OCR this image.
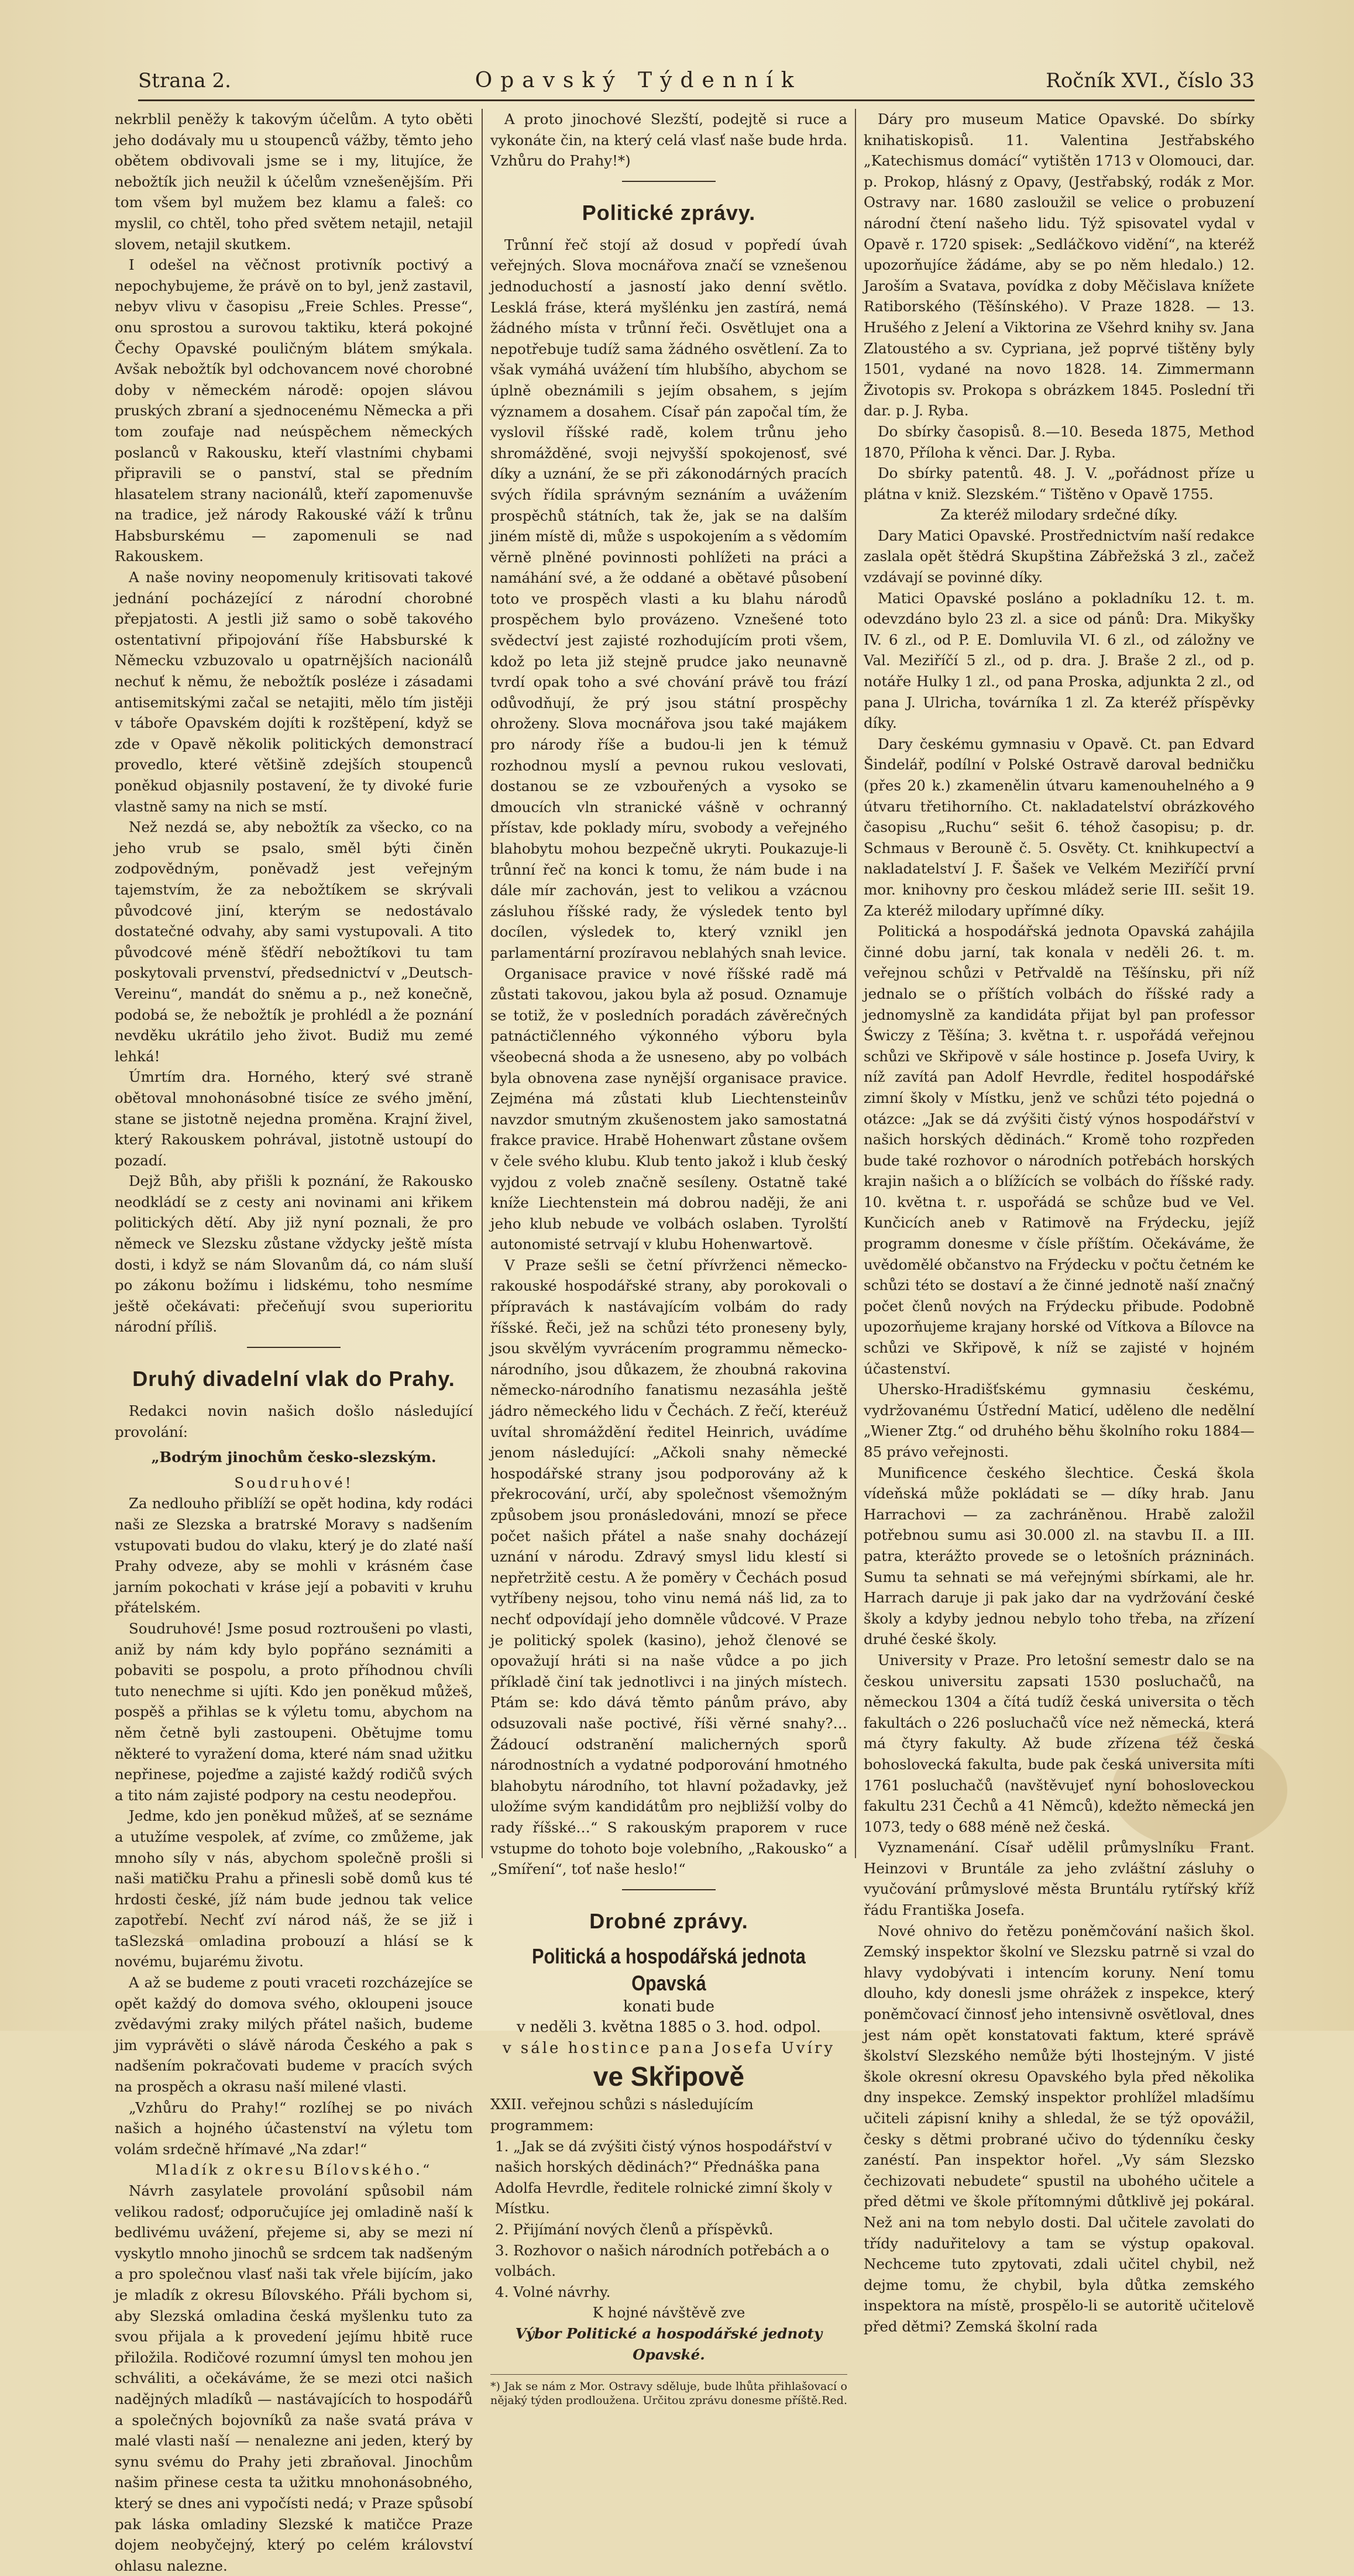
Strana 2.	Opavský Týdenník	Ročník XVI., číslo 33

nekrblil peněžy k takovým účelům. A tyto oběti jeho dodávaly mu u stoupenců vážby, těmto jeho obětem obdivovali jsme se i my, litujíce, že nebožtík jich neužil k účelům vznešenějším. Při tom všem byl mužem bez klamu a faleš: co myslil, co chtěl, toho před světem netajil, netajil slovem, netajil skutkem.

I odešel na věčnost protivník poctivý a nepochybujeme, že právě on to byl, jenž zastavil, nebyv vlivu v časopisu „Freie Schles. Presse“, onu sprostou a surovou taktiku, která pokojné Čechy Opavské pouličným blátem smýkala. Avšak nebožtík byl odchovancem nové chorobné doby v německém národě: opojen slávou pruských zbraní a sjednocenému Německa a při tom zoufaje nad neúspěchem německých poslanců v Rakousku, kteří vlastními chybami připravili se o panství, stal se předním hlasatelem strany nacionálů, kteří zapomenuvše na tradice, jež národy Rakouské váží k trůnu Habsburskému — zapomenuli se nad Rakouskem.

A naše noviny neopomenuly kritisovati takové jednání pocházející z národní chorobné přepjatosti. A jestli již samo o sobě takového ostentativní připojování říše Habsburské k Německu vzbuzovalo u opatrnějších nacionálů nechuť k němu, že nebožtík posléze i zásadami antisemitskými začal se netajiti, mělo tím jistěji v táboře Opavském dojíti k rozštěpení, když se zde v Opavě několik politických demonstrací provedlo, které většině zdejších stoupenců poněkud objasnily postavení, že ty divoké furie vlastně samy na nich se mstí.

Než nezdá se, aby nebožtík za všecko, co na jeho vrub se psalo, směl býti činěn zodpovědným, poněvadž jest veřejným tajemstvím, že za nebožtíkem se skrývali původcové jiní, kterým se nedostávalo dostatečné odvahy, aby sami vystupovali. A tito původcové méně šťědří nebožtíkovi tu tam poskytovali prvenství, předsednictví v „Deutsch-Vereinu“, mandát do sněmu a p., než konečně, podobá se, že nebožtík je prohlédl a že poznání nevděku ukrátilo jeho život. Budiž mu zemé lehká!

Úmrtím dra. Horného, který své straně obětoval mnohonásobné tisíce ze svého jmění, stane se jistotně nejedna proměna. Krajní živel, který Rakouskem pohrával, jistotně ustoupí do pozadí.

Dejž Bůh, aby přišli k poznání, že Rakousko neodkládí se z cesty ani novinami ani křikem politických dětí. Aby již nyní poznali, že pro německ ve Slezsku zůstane vždycky ještě místa dosti, i když se nám Slovanům dá, co nám sluší po zákonu božímu i lidskému, toho nesmíme ještě očekávati: přečeňují svou superioritu národní příliš.

Druhý divadelní vlak do Prahy.

Redakci novin našich došlo následující provolání:

„Bodrým jinochům česko-slezským.

Soudruhové!

Za nedlouho přiblíží se opět hodina, kdy rodáci naši ze Slezska a bratrské Moravy s nadšením vstupovati budou do vlaku, který je do zlaté naší Prahy odveze, aby se mohli v krásném čase jarním pokochati v kráse její a pobaviti v kruhu přátelském.

Soudruhové! Jsme posud roztroušeni po vlasti, aniž by nám kdy bylo popřáno seznámiti a pobaviti se pospolu, a proto příhodnou chvíli tuto nenechme si ujíti. Kdo jen poněkud můžeš, pospěš a přihlas se k výletu tomu, abychom na něm četně byli zastoupeni. Obětujme tomu některé to vyražení doma, které nám snad užitku nepřinese, pojeďme a zajisté každý rodičů svých a tito nám zajisté podpory na cestu neodepřou.

Jedme, kdo jen poněkud můžeš, ať se seznáme a utužíme vespolek, ať zvíme, co zmůžeme, jak mnoho síly v nás, abychom společně prošli si naši matičku Prahu a přinesli sobě domů kus té hrdosti české, jíž nám bude jednou tak velice zapotřebí. Nechť zví národ náš, že se již i taSlezská omladina probouzí a hlásí se k novému, bujarému životu.

A až se budeme z pouti vraceti rozcházejíce se opět každý do domova svého, okloupeni jsouce zvědavými zraky milých přátel našich, budeme jim vyprávěti o slávě národa Českého a pak s nadšením pokračovati budeme v pracích svých na prospěch a okrasu naší milené vlasti.

„Vzhůru do Prahy!“ rozlíhej se po nivách našich a hojného účastenství na výletu tom volám srdečně hřímavé „Na zdar!“

Mladík z okresu Bílovského.“

Návrh zasylatele provolání spůsobil nám velikou radosť; odporučujíce jej omladině naší k bedlivému uvážení, přejeme si, aby se mezi ní vyskytlo mnoho jinochů se srdcem tak nadšeným a pro společnou vlasť naši tak vřele bijícím, jako je mladík z okresu Bílovského. Přáli bychom si, aby Slezská omladina česká myšlenku tuto za svou přijala a k provedení jejímu hbitě ruce přiložila. Rodičové rozumní úmysl ten mohou jen schváliti, a očekáváme, že se mezi otci našich nadějných mladíků — nastávajících to hospodářů a společných bojovníků za naše svatá práva v malé vlasti naší — nenalezne ani jeden, který by synu svému do Prahy jeti zbraňoval. Jinochům našim přinese cesta ta užitku mnohonásobného, který se dnes ani vypočísti nedá; v Praze spůsobí pak láska omladiny Slezské k matičce Praze dojem neobyčejný, který po celém království ohlasu nalezne.

A proto jinochové Slezští, podejtě si ruce a vykonáte čin, na který celá vlasť naše bude hrda. Vzhůru do Prahy!*)

Politické zprávy.

Trůnní řeč stojí až dosud v popředí úvah veřejných. Slova mocnářova značí se vznešenou jednoduchostí a jasností jako denní světlo. Lesklá fráse, která myšlénku jen zastírá, nemá žádného místa v trůnní řeči. Osvětlujet ona a nepotřebuje tudíž sama žádného osvětlení. Za to však vymáhá uvážení tím hlubšího, abychom se úplně obeznámili s jejím obsahem, s jejím významem a dosahem. Císař pán započal tím, že vyslovil říšské radě, kolem trůnu jeho shromážděné, svoji nejvyšší spokojenosť, své díky a uznání, že se při zákonodárných pracích svých řídila správným seznáním a uvážením prospěchů státních, tak že, jak se na dalším jiném místě di, může s uspokojením a s vědomím věrně plněné povinnosti pohlížeti na práci a namáhání své, a že oddané a obětavé působení toto ve prospěch vlasti a ku blahu národů prospěchem bylo provázeno. Vznešené toto svědectví jest zajisté rozhodujícím proti všem, kdož po leta již stejně prudce jako neunavně tvrdí opak toho a své chování právě tou frází odůvodňují, že prý jsou státní prospěchy ohroženy. Slova mocnářova jsou také majákem pro národy říše a budou-li jen k témuž rozhodnou myslí a pevnou rukou veslovati, dostanou se ze vzbouřených a vysoko se dmoucích vln stranické vášně v ochranný přístav, kde poklady míru, svobody a veřejného blahobytu mohou bezpečně ukryti. Poukazuje-li trůnní řeč na konci k tomu, že nám bude i na dále mír zachován, jest to velikou a vzácnou zásluhou říšské rady, že výsledek tento byl docílen, výsledek to, který vznikl jen parlamentární prozíravou neblahých snah levice.

Organisace pravice v nové říšské radě má zůstati takovou, jakou byla až posud. Oznamuje se totiž, že v posledních poradách závěrečných patnáctičlenného výkonného výboru byla všeobecná shoda a že usneseno, aby po volbách byla obnovena zase nynější organisace pravice. Zejména má zůstati klub Liechtensteinův navzdor smutným zkušenostem jako samostatná frakce pravice. Hrabě Hohenwart zůstane ovšem v čele svého klubu. Klub tento jakož i klub český vyjdou z voleb značně sesíleny. Ostatně také kníže Liechtenstein má dobrou naději, že ani jeho klub nebude ve volbách oslaben. Tyrolští autonomisté setrvají v klubu Hohenwartově.

V Praze sešli se četní přívrženci německo-rakouské hospodářské strany, aby porokovali o přípravách k nastávajícím volbám do rady říšské. Řeči, jež na schůzi této proneseny byly, jsou skvělým vyvrácením programmu německo-národního, jsou důkazem, že zhoubná rakovina německo-národního fanatismu nezasáhla ještě jádro německého lidu v Čechách. Z řečí, kteréuž uvítal shromáždění ředitel Heinrich, uvádíme jenom následující: „Ačkoli snahy německé hospodářské strany jsou podporovány až k překrocování, určí, aby společnost všemožným způsobem jsou pronásledováni, mnozí se přece počet našich přátel a naše snahy docházejí uznání v národu. Zdravý smysl lidu klestí si nepřetržitě cestu. A že poměry v Čechách posud vytříbeny nejsou, toho vinu nemá náš lid, za to nechť odpovídají jeho domněle vůdcové. V Praze je politický spolek (kasino), jehož členové se opovažují hráti si na naše vůdce a po jich příkladě činí tak jednotlivci i na jiných místech. Ptám se: kdo dává těmto pánům právo, aby odsuzovali naše poctivé, říši věrné snahy?… Žádoucí odstranění malicherných sporů národnostních a vydatné podporování hmotného blahobytu národního, tot hlavní požadavky, jež uložíme svým kandidátům pro nejbližší volby do rady říšské…“ S rakouským praporem v ruce vstupme do tohoto boje volebního, „Rakousko“ a „Smíření“, toť naše heslo!“

Drobné zprávy.
Politická a hospodářská jednota Opavská
konati bude
v neděli 3. května 1885 o 3. hod. odpol.
v sále hostince pana Josefa Uvíry
ve Skřipově

XXII. veřejnou schůzi s následujícím programmem:

1. „Jak se dá zvýšiti čistý výnos hospodářství v našich horských dědinách?“ Přednáška pana Adolfa Hevrdle, ředitele rolnické zimní školy v Místku.

2. Přijímání nových členů a příspěvků.

3. Rozhovor o našich národních potřebách a o volbách.

4. Volné návrhy.

K hojné návštěvě zve

Výbor Politické a hospodářské jednoty Opavské.

*) Jak se nám z Mor. Ostravy sděluje, bude lhůta přihlašovací o nějaký týden prodloužena. Určitou zprávu donesme příště. Red.

Dáry pro museum Matice Opavské. Do sbírky knihatiskopisů. 11. Valentina Jestřabského „Katechismus domácí“ vytištěn 1713 v Olomouci, dar. p. Prokop, hlásný z Opavy, (Jestřabský, rodák z Mor. Ostravy nar. 1680 zasloužil se velice o probuzení národní čtení našeho lidu. Týž spisovatel vydal v Opavě r. 1720 spisek: „Sedláčkovo vidění“, na kteréž upozorňujíce žádáme, aby se po něm hledalo.) 12. Jaroším a Svatava, povídka z doby Měčislava knížete Ratiborského (Těšínského). V Praze 1828. — 13. Hrušého z Jelení a Viktorina ze Všehrd knihy sv. Jana Zlatoustého a sv. Cypriana, jež poprvé tištěny byly 1501, vydané na novo 1828. 14. Zimmermann Životopis sv. Prokopa s obrázkem 1845. Poslední tři dar. p. J. Ryba.

Do sbírky časopisů. 8.—10. Beseda 1875, Method 1870, Příloha k věnci. Dar. J. Ryba.

Do sbírky patentů. 48. J. V. „pořádnost příze u plátna v kniž. Slezském.“ Tištěno v Opavě 1755.

Za kteréž milodary srdečné díky.

Dary Matici Opavské. Prostřednictvím naší redakce zaslala opět štědrá Skupština Zábřežská 3 zl., začež vzdávají se povinné díky.

Matici Opavské posláno a pokladníku 12. t. m. odevzdáno bylo 23 zl. a sice od pánů: Dra. Mikyšky IV. 6 zl., od P. E. Domluvila VI. 6 zl., od záložny ve Val. Meziříčí 5 zl., od p. dra. J. Braše 2 zl., od p. notáře Hulky 1 zl., od pana Proska, adjunkta 2 zl., od pana J. Ulricha, továrníka 1 zl. Za kteréž příspěvky díky.

Dary českému gymnasiu v Opavě. Ct. pan Edvard Šindelář, podílní v Polské Ostravě daroval bedničku (přes 20 k.) zkamenělin útvaru kamenouhelného a 9 útvaru třetihorního. Ct. nakladatelství obrázkového časopisu „Ruchu“ sešit 6. téhož časopisu; p. dr. Schmaus v Berouně č. 5. Osvěty. Ct. knihkupectví a nakladatelství J. F. Šašek ve Velkém Meziříčí první mor. knihovny pro českou mládež serie III. sešit 19. Za kteréž milodary upřímné díky.

Politická a hospodářská jednota Opavská zahájila činné dobu jarní, tak konala v neděli 26. t. m. veřejnou schůzi v Petřvaldě na Těšínsku, při níž jednalo se o příštích volbách do říšské rady a jednomyslně za kandidáta přijat byl pan professor Świczy z Těšína; 3. května t. r. uspořádá veřejnou schůzi ve Skřipově v sále hostince p. Josefa Uviry, k níž zavítá pan Adolf Hevrdle, ředitel hospodářské zimní školy v Místku, jenž ve schůzi této pojedná o otázce: „Jak se dá zvýšiti čistý výnos hospodářství v našich horských dědinách.“ Kromě toho rozpředen bude také rozhovor o národních potřebách horských krajin našich a o blížících se volbách do říšské rady. 10. května t. r. uspořádá se schůze bud ve Vel. Kunčicích aneb v Ratimově na Frýdecku, jejíž programm donesme v čísle příštím. Očekáváme, že uvědomělé občanstvo na Frýdecku v počtu četném ke schůzi této se dostaví a že činné jednotě naší značný počet členů nových na Frýdecku přibude. Podobně upozorňujeme krajany horské od Vítkova a Bílovce na schůzi ve Skřipově, k níž se zajisté v hojném účastenství.

Uhersko-Hradišťskému gymnasiu českému, vydržovanému Ústřední Maticí, uděleno dle nedělní „Wiener Ztg.“ od druhého běhu školního roku 1884—85 právo veřejnosti.

Munificence českého šlechtice. Česká škola vídeňská může pokládati se — díky hrab. Janu Harrachovi — za zachráněnou. Hrabě založil potřebnou sumu asi 30.000 zl. na stavbu II. a III. patra, kterážto provede se o letošních prázninách. Sumu ta sehnati se má veřejnými sbírkami, ale hr. Harrach daruje ji pak jako dar na vydržování české školy a kdyby jednou nebylo toho třeba, na zřízení druhé české školy.

University v Praze. Pro letošní semestr dalo se na českou universitu zapsati 1530 posluchačů, na německou 1304 a čítá tudíž česká universita o těch fakultách o 226 posluchačů více než německá, která má čtyry fakulty. Až bude zřízena též česká bohoslovecká fakulta, bude pak česká universita míti 1761 posluchačů (navštěvujeť nyní bohosloveckou fakultu 231 Čechů a 41 Němců), kdežto německá jen 1073, tedy o 688 méně než česká.

Vyznamenání. Císař udělil průmyslníku Frant. Heinzovi v Bruntále za jeho zvláštní zásluhy o vyučování průmyslové města Bruntálu rytířský kříž řádu Františka Josefa.

Nové ohnivo do řetězu poněmčování našich škol. Zemský inspektor školní ve Slezsku patrně si vzal do hlavy vydobývati i intencím koruny. Není tomu dlouho, kdy donesli jsme ohrážek z inspekce, který poněmčovací činnosť jeho intensivně osvětloval, dnes jest nám opět konstatovati faktum, které správě školství Slezského nemůže býti lhostejným. V jisté škole okresní okresu Opavského byla před několika dny inspekce. Zemský inspektor prohlížel mladšímu učiteli zápisní knihy a shledal, že se týž opovážil, česky s dětmi probrané učivo do týdenníku česky zanéstí. Pan inspektor hořel. „Vy sám Slezsko čechizovati nebudete“ spustil na ubohého učitele a před dětmi ve škole přítomnými důtklivě jej pokáral. Než ani na tom nebylo dosti. Dal učitele zavolati do třídy naduřitelovy a tam se výstup opakoval. Nechceme tuto zpytovati, zdali učitel chybil, než dejme tomu, že chybil, byla důtka zemského inspektora na místě, prospělo-li se autoritě učitelově před dětmi? Zemská školní rada
